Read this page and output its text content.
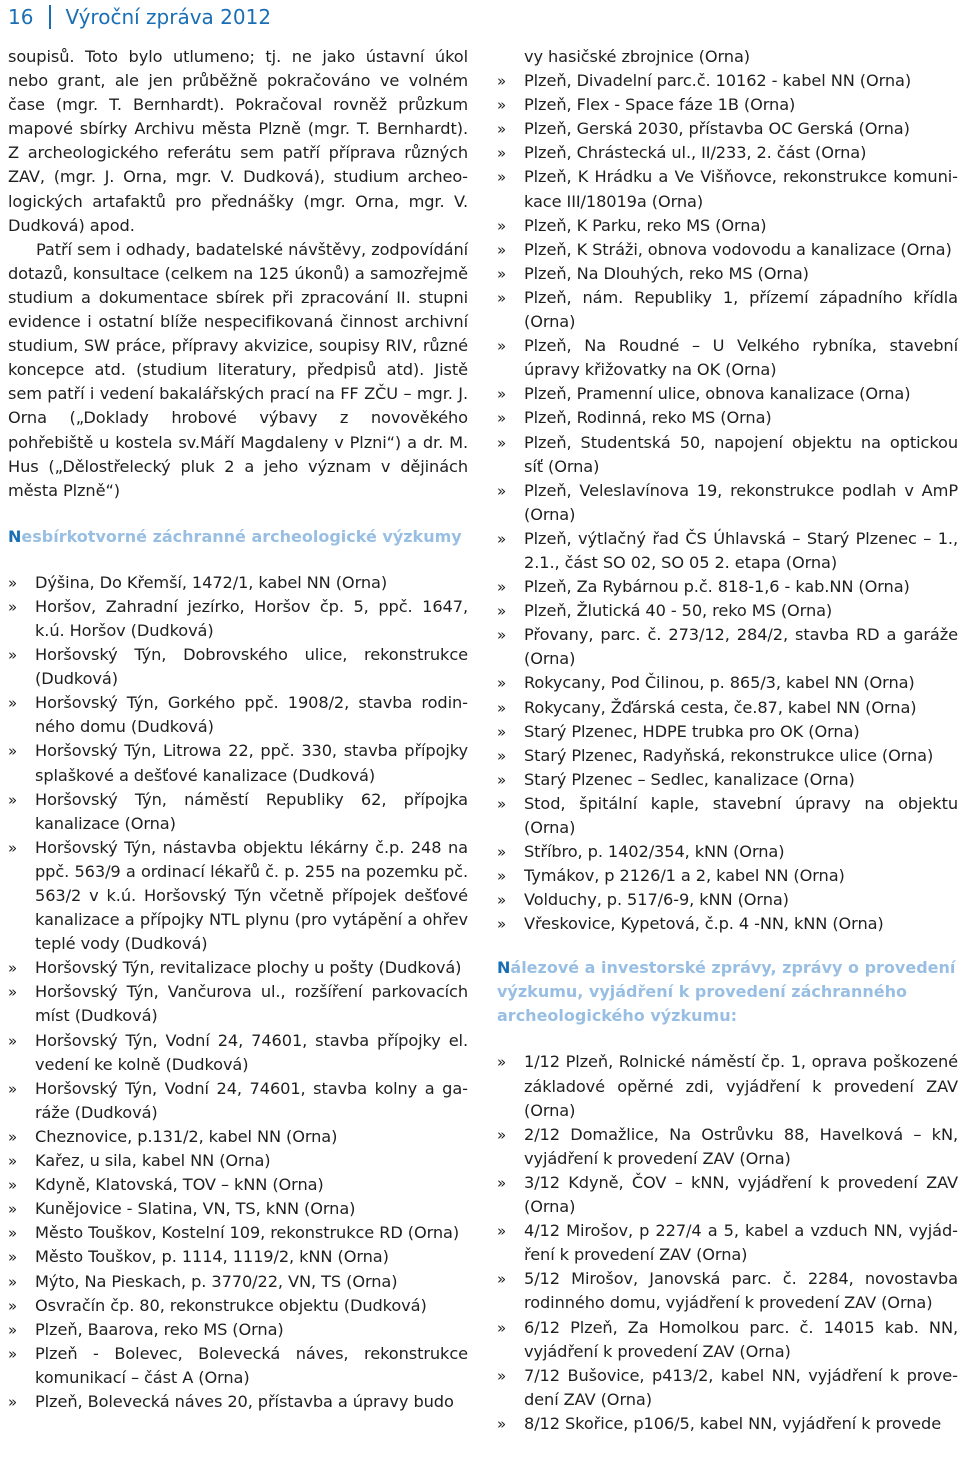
16	Výroční zpráva 2012

soupisů. Toto bylo utlumeno; tj. ne jako ústavní úkol nebo grant, ale jen průběžně pokračováno ve volném čase (mgr. T. Bernhardt). Pokračoval rovněž průzkum mapové sbírky Archivu města Plzně (mgr. T. Bernhardt). Z archeologického referátu sem patří příprava různých ZAV, (mgr. J. Orna, mgr. V. Dudková), studium archeologických artafaktů pro přednášky (mgr. Orna, mgr. V. Dudková) apod.

Patří sem i odhady, badatelské návštěvy, zodpovídání dotazů, konsultace (celkem na 125 úkonů) a samozřejmě studium a dokumentace sbírek při zpracování II. stupni evidence i ostatní blíže nespecifikovaná činnost archivní studium, SW práce, přípravy akvizice, soupisy RIV, různé koncepce atd. (studium literatury, předpisů atd). Jistě sem patří i vedení bakalářských prací na FF ZČU – mgr. J. Orna („Doklady hrobové výbavy z novověkého pohřebiště u kostela sv.Máří Magdaleny v Plzni“) a dr. M. Hus („Dělostřelecký pluk 2 a jeho význam v dějinách města Plzně“)

Nesbírkotvorné záchranné archeologické výzkumy
»	Dýšina, Do Křemší, 1472/1, kabel NN (Orna)
»	Horšov, Zahradní jezírko, Horšov čp. 5, ppč. 1647, k.ú. Horšov (Dudková)
»	Horšovský Týn, Dobrovského ulice, rekonstrukce (Dudková)
»	Horšovský Týn, Gorkého ppč. 1908/2, stavba rodinného domu (Dudková)
»	Horšovský Týn, Litrowa 22, ppč. 330, stavba přípojky splaškové a dešťové kanalizace (Dudková)
»	Horšovský Týn, náměstí Republiky 62, přípojka kanalizace (Orna)
»	Horšovský Týn, nástavba objektu lékárny č.p. 248 na ppč. 563/9 a ordinací lékařů č. p. 255 na pozemku pč. 563/2 v k.ú. Horšovský Týn včetně přípojek dešťové kanalizace a přípojky NTL plynu (pro vytápění a ohřev teplé vody (Dudková)
»	Horšovský Týn, revitalizace plochy u pošty (Dudková)
»	Horšovský Týn, Vančurova ul., rozšíření parkovacích míst (Dudková)
»	Horšovský Týn, Vodní 24, 74601, stavba přípojky el. vedení ke kolně (Dudková)
»	Horšovský Týn, Vodní 24, 74601, stavba kolny a garáže (Dudková)
»	Cheznovice, p.131/2, kabel NN (Orna)
»	Kařez, u sila, kabel NN (Orna)
»	Kdyně, Klatovská, TOV – kNN (Orna)
»	Kunějovice - Slatina, VN, TS, kNN (Orna)
»	Město Touškov, Kostelní 109, rekonstrukce RD (Orna)
»	Město Touškov, p. 1114, 1119/2, kNN (Orna)
»	Mýto, Na Pieskach, p. 3770/22, VN, TS (Orna)
»	Osvračín čp. 80, rekonstrukce objektu (Dudková)
»	Plzeň, Baarova, reko MS (Orna)
»	Plzeň - Bolevec, Bolevecká náves, rekonstrukce komunikací – část A (Orna)
»	Plzeň, Bolevecká náves 20, přístavba a úpravy budo
vy hasičské zbrojnice (Orna)
»	Plzeň, Divadelní parc.č. 10162 - kabel NN (Orna)
»	Plzeň, Flex - Space fáze 1B (Orna)
»	Plzeň, Gerská 2030, přístavba OC Gerská (Orna)
»	Plzeň, Chrástecká ul., II/233, 2. část (Orna)
»	Plzeň, K Hrádku a Ve Višňovce, rekonstrukce komunikace III/18019a (Orna)
»	Plzeň, K Parku, reko MS (Orna)
»	Plzeň, K Stráži, obnova vodovodu a kanalizace (Orna)
»	Plzeň, Na Dlouhých, reko MS (Orna)
»	Plzeň, nám. Republiky 1, přízemí západního křídla (Orna)
»	Plzeň, Na Roudné – U Velkého rybníka, stavební úpravy křižovatky na OK (Orna)
»	Plzeň, Pramenní ulice, obnova kanalizace (Orna)
»	Plzeň, Rodinná, reko MS (Orna)
»	Plzeň, Studentská 50, napojení objektu na optickou síť (Orna)
»	Plzeň, Veleslavínova 19, rekonstrukce podlah v AmP (Orna)
»	Plzeň, výtlačný řad ČS Úhlavská – Starý Plzenec – 1., 2.1., část SO 02, SO 05 2. etapa (Orna)
»	Plzeň, Za Rybárnou p.č. 818-1,6 - kab.NN (Orna)
»	Plzeň, Žlutická 40 - 50, reko MS (Orna)
»	Přovany, parc. č. 273/12, 284/2, stavba RD a garáže (Orna)
»	Rokycany, Pod Čilinou, p. 865/3, kabel NN (Orna)
»	Rokycany, Žďárská cesta, če.87, kabel NN (Orna)
»	Starý Plzenec, HDPE trubka pro OK (Orna)
»	Starý Plzenec, Radyňská, rekonstrukce ulice (Orna)
»	Starý Plzenec – Sedlec, kanalizace (Orna)
»	Stod, špitální kaple, stavební úpravy na objektu (Orna)
»	Stříbro, p. 1402/354, kNN (Orna)
»	Tymákov, p 2126/1 a 2, kabel NN (Orna)
»	Volduchy, p. 517/6-9, kNN (Orna)
»	Vřeskovice, Kypetová, č.p. 4 -NN, kNN (Orna)
Nálezové a investorské zprávy, zprávy o provedení výzkumu, vyjádření k provedení záchranného archeologického výzkumu:
»	1/12 Plzeň, Rolnické náměstí čp. 1, oprava poškozené základové opěrné zdi, vyjádření k provedení ZAV (Orna)
»	2/12 Domažlice, Na Ostrůvku 88, Havelková – kN, vyjádření k provedení ZAV (Orna)
»	3/12 Kdyně, ČOV – kNN, vyjádření k provedení ZAV (Orna)
»	4/12 Mirošov, p 227/4 a 5, kabel a vzduch NN, vyjádření k provedení ZAV (Orna)
»	5/12 Mirošov, Janovská parc. č. 2284, novostavba rodinného domu, vyjádření k provedení ZAV (Orna)
»	6/12 Plzeň, Za Homolkou parc. č. 14015 kab. NN, vyjádření k provedení ZAV (Orna)
»	7/12 Bušovice, p413/2, kabel NN, vyjádření k provedení ZAV (Orna)
»	8/12 Skořice, p106/5, kabel NN, vyjádření k provede
